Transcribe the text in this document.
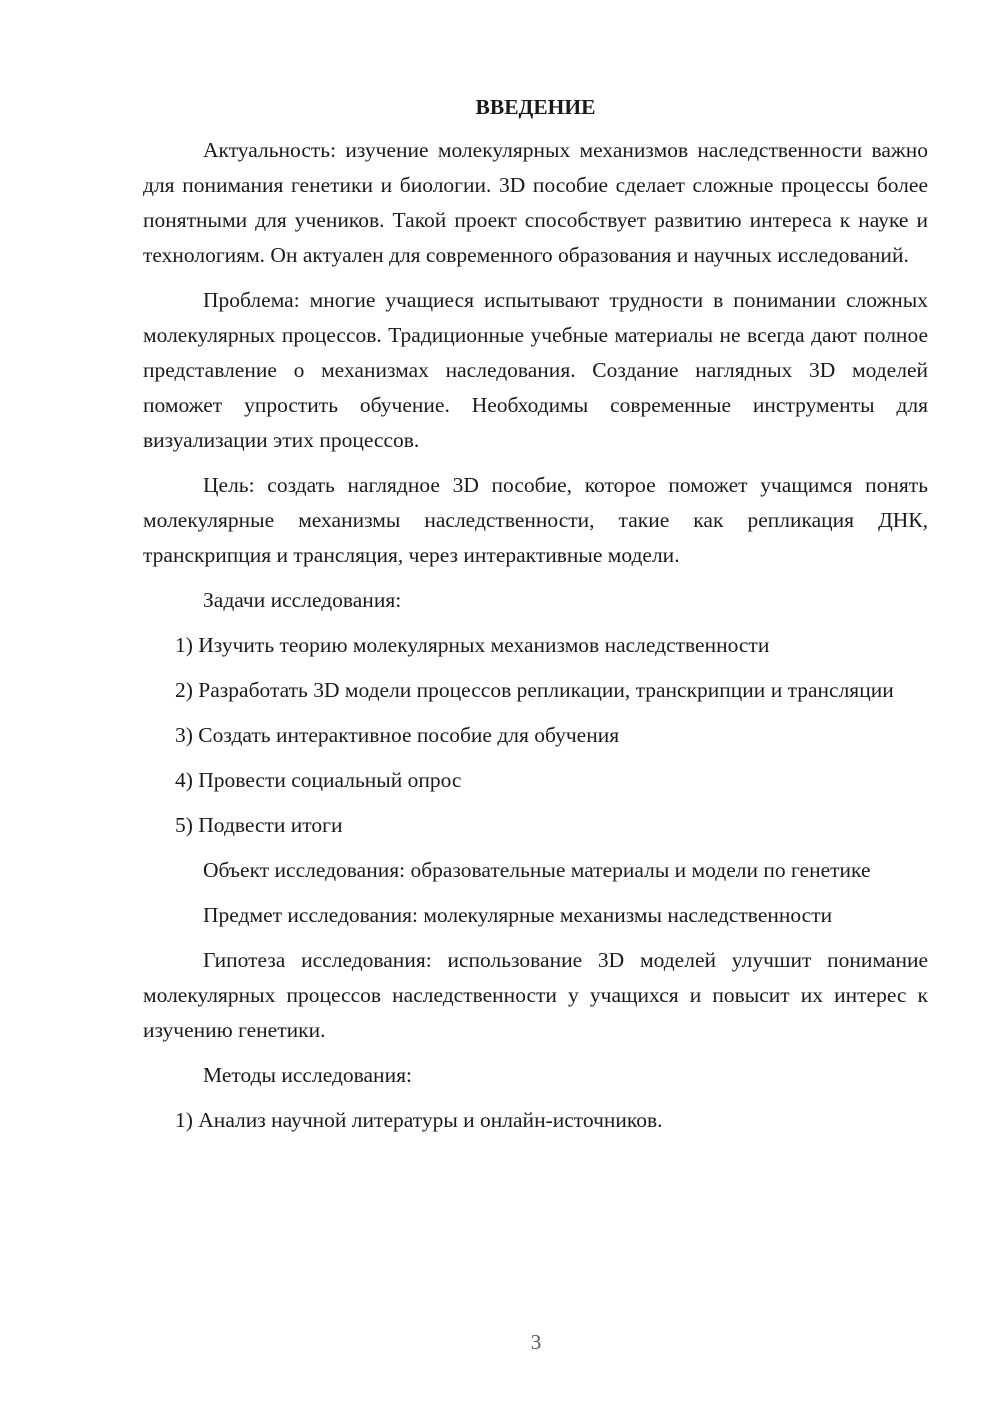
ВВЕДЕНИЕ
Актуальность: изучение молекулярных механизмов наследственности важно для понимания генетики и биологии. 3D пособие сделает сложные процессы более понятными для учеников. Такой проект способствует развитию интереса к науке и технологиям. Он актуален для современного образования и научных исследований.
Проблема: многие учащиеся испытывают трудности в понимании сложных молекулярных процессов. Традиционные учебные материалы не всегда дают полное представление о механизмах наследования. Создание наглядных 3D моделей поможет упростить обучение. Необходимы современные инструменты для визуализации этих процессов.
Цель: создать наглядное 3D пособие, которое поможет учащимся понять молекулярные механизмы наследственности, такие как репликация ДНК, транскрипция и трансляция, через интерактивные модели.
Задачи исследования:
1) Изучить теорию молекулярных механизмов наследственности
2) Разработать 3D модели процессов репликации, транскрипции и трансляции
3) Создать интерактивное пособие для обучения
4) Провести социальный опрос
5) Подвести итоги
Объект исследования: образовательные материалы и модели по генетике
Предмет исследования: молекулярные механизмы наследственности
Гипотеза исследования: использование 3D моделей улучшит понимание молекулярных процессов наследственности у учащихся и повысит их интерес к изучению генетики.
Методы исследования:
1) Анализ научной литературы и онлайн-источников.
3
